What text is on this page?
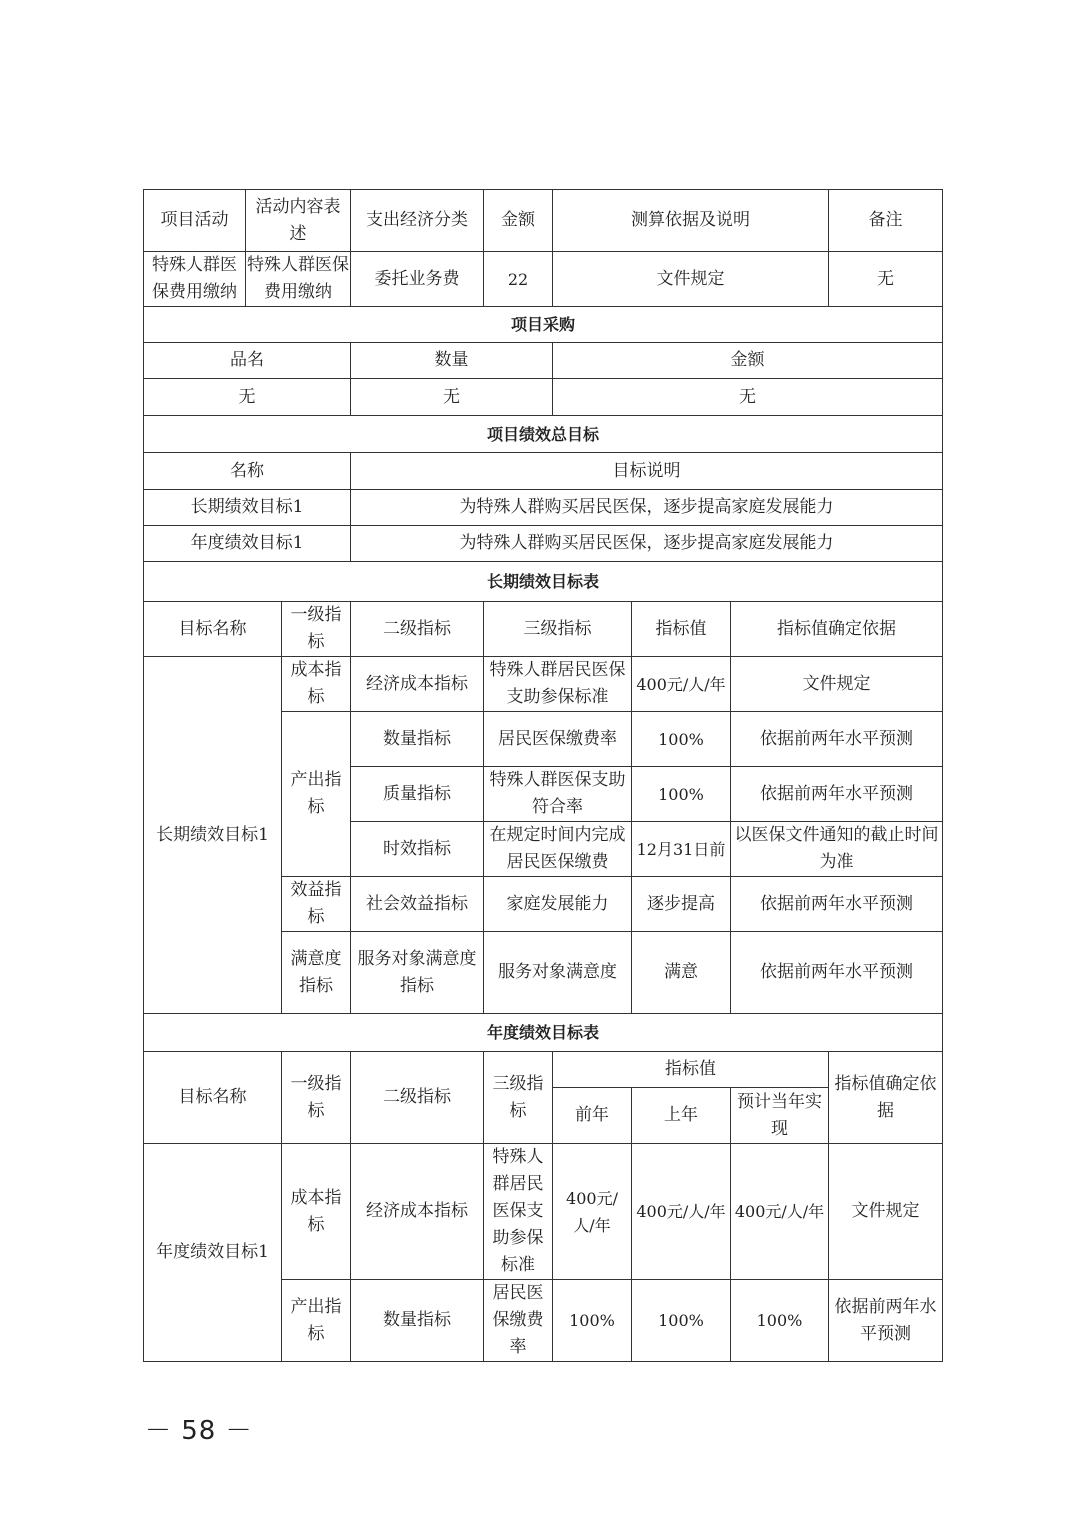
项目活动	活动内容表述		支出经济分类	金额	测算依据及说明			备注
特殊人群医保费用缴纳	特殊人群医保费用缴纳		委托业务费	22	文件规定			无
项目采购								
品名			数量		金额			
无			无		无			
项目绩效总目标								
名称			目标说明					
长期绩效目标1			为特殊人群购买居民医保，逐步提高家庭发展能力					
年度绩效目标1			为特殊人群购买居民医保，逐步提高家庭发展能力					
长期绩效目标表								
目标名称		一级指标	二级指标	三级指标		指标值	指标值确定依据	
长期绩效目标1		成本指标	经济成本指标	特殊人群居民医保支助参保标准		400元/人/年	文件规定	
		产出指标	数量指标	居民医保缴费率		100%	依据前两年水平预测	
			质量指标	特殊人群医保支助符合率		100%	依据前两年水平预测	
			时效指标	在规定时间内完成居民医保缴费		12月31日前	以医保文件通知的截止时间为准	
		效益指标	社会效益指标	家庭发展能力		逐步提高	依据前两年水平预测	
		满意度指标	服务对象满意度指标	服务对象满意度		满意	依据前两年水平预测	
年度绩效目标表								
目标名称		一级指标	二级指标	三级指标	指标值			指标值确定依据
					前年	上年	预计当年实现	
年度绩效目标1		成本指标	经济成本指标	特殊人群居民医保支助参保标准	400元/人/年	400元/人/年	400元/人/年	文件规定
		产出指标	数量指标	居民医保缴费率	100%	100%	100%	依据前两年水平预测
－ 58 －
